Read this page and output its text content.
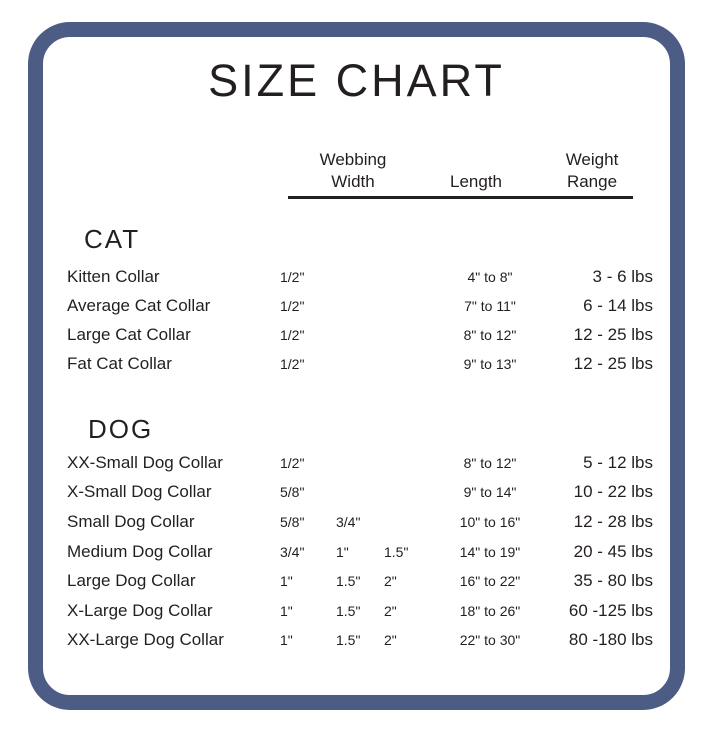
SIZE CHART
Webbing
Width	Length
Weight
Range
CAT
Kitten Collar	1/2"	4" to 8"	3 - 6 lbs
Average Cat Collar	1/2"	7" to 11"	6 - 14 lbs
Large Cat Collar	1/2"	8" to 12"	12 - 25 lbs
Fat Cat Collar	1/2"	9" to 13"	12 - 25 lbs
DOG
XX-Small Dog Collar	1/2"	8" to 12"	5 - 12 lbs
X-Small Dog Collar	5/8"	9" to 14"	10 - 22 lbs
Small Dog Collar	5/8"	3/4"	10" to 16"	12 - 28 lbs
Medium Dog Collar	3/4"	1"	1.5"	14" to 19"	20 - 45 lbs
Large Dog Collar	1"	1.5"	2"	16" to 22"	35 - 80 lbs
X-Large Dog Collar	1"	1.5"	2"	18" to 26"	60 -125 lbs
XX-Large Dog Collar	1"	1.5"	2"	22" to 30"	80 -180 lbs
